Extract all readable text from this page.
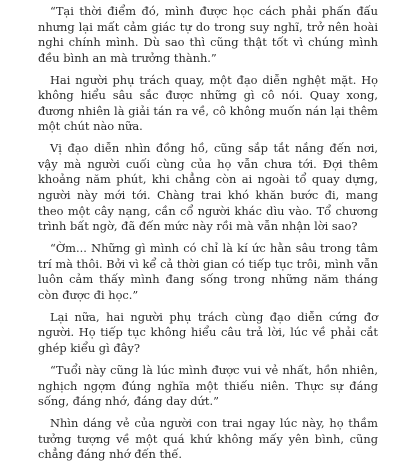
“Tại thời điểm đó, mình được học cách phải phấn đấu nhưng lại mất cảm giác tự do trong suy nghĩ, trở nên hoài nghi chính mình. Dù sao thì cũng thật tốt vì chúng mình đều bình an mà trưởng thành.”

Hai người phụ trách quay, một đạo diễn nghệt mặt. Họ không hiểu sâu sắc được những gì cô nói. Quay xong, đương nhiên là giải tán ra về, cô không muốn nán lại thêm một chút nào nữa.

Vị đạo diễn nhìn đồng hồ, cũng sắp tắt nắng đến nơi, vậy mà người cuối cùng của họ vẫn chưa tới. Đợi thêm khoảng năm phút, khi chẳng còn ai ngoài tổ quay dựng, người này mới tới. Chàng trai khó khăn bước đi, mang theo một cây nạng, cần cổ người khác dìu vào. Tổ chương trình bất ngờ, đã đến mức này rồi mà vẫn nhận lời sao?

“Ờm... Những gì mình có chỉ là kí ức hằn sâu trong tâm trí mà thôi. Bởi vì kể cả thời gian có tiếp tục trôi, mình vẫn luôn cảm thấy mình đang sống trong những năm tháng còn được đi học.”

Lại nữa, hai người phụ trách cùng đạo diễn cứng đơ người. Họ tiếp tục không hiểu câu trả lời, lúc về phải cắt ghép kiểu gì đây?

“Tuổi này cũng là lúc mình được vui vẻ nhất, hồn nhiên, nghịch ngợm đúng nghĩa một thiếu niên. Thực sự đáng sống, đáng nhớ, đáng day dứt.”

Nhìn dáng vẻ của người con trai ngay lúc này, họ thầm tưởng tượng về một quá khứ không mấy yên bình, cũng chẳng đáng nhớ đến thế.
